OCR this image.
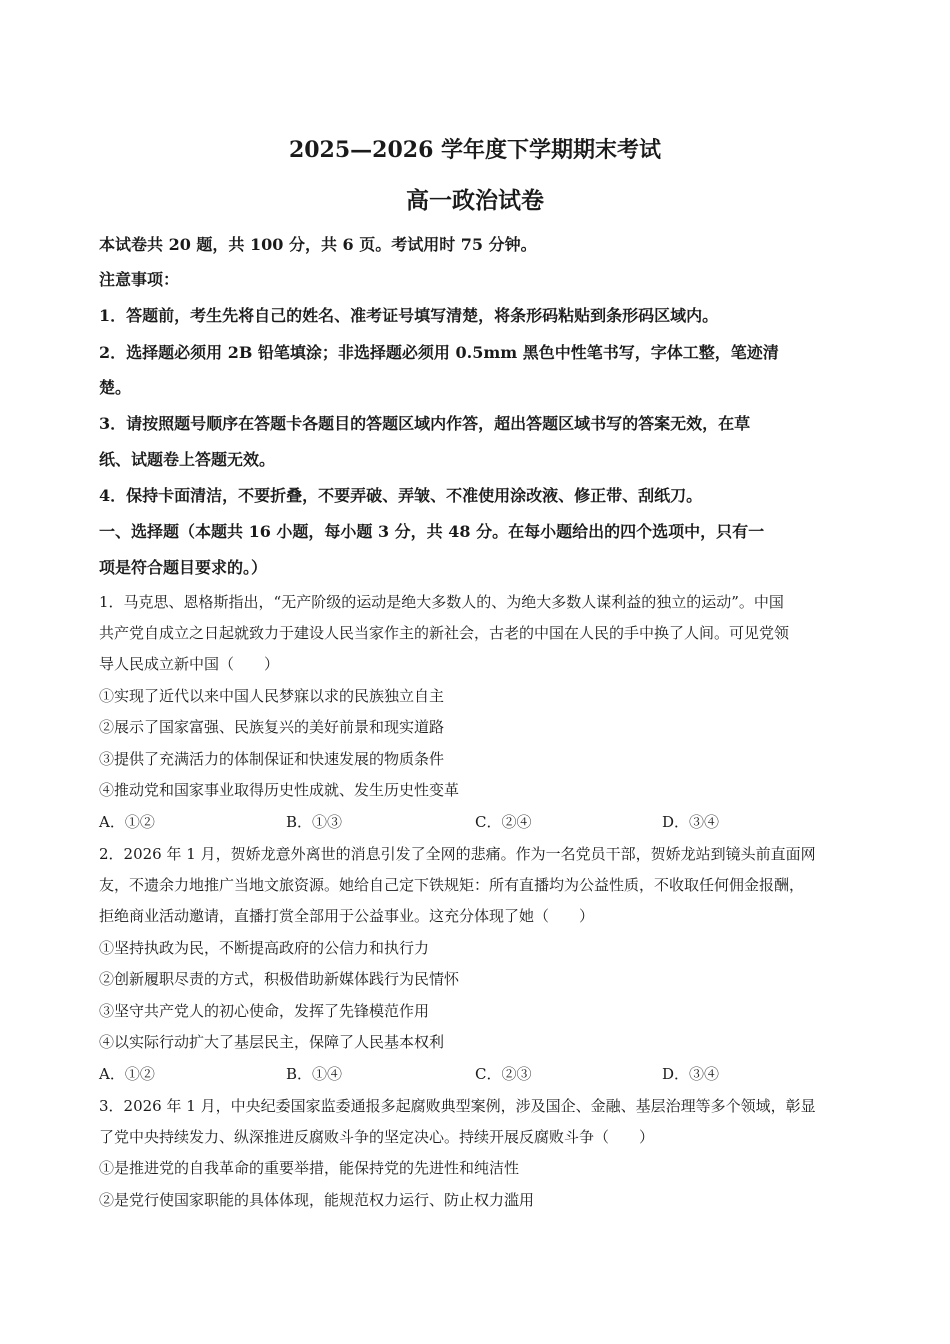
2025—2026 学年度下学期期末考试
高一政治试卷
本试卷共 20 题，共 100 分，共 6 页。考试用时 75 分钟。
注意事项：
1．答题前，考生先将自己的姓名、准考证号填写清楚，将条形码粘贴到条形码区域内。
2．选择题必须用 2B 铅笔填涂；非选择题必须用 0.5mm 黑色中性笔书写，字体工整，笔迹清
楚。
3．请按照题号顺序在答题卡各题目的答题区域内作答，超出答题区域书写的答案无效，在草
纸、试题卷上答题无效。
4．保持卡面清洁，不要折叠，不要弄破、弄皱、不准使用涂改液、修正带、刮纸刀。
一、选择题（本题共 16 小题，每小题 3 分，共 48 分。在每小题给出的四个选项中，只有一
项是符合题目要求的。）
1．马克思、恩格斯指出，“无产阶级的运动是绝大多数人的、为绝大多数人谋利益的独立的运动”。中国
共产党自成立之日起就致力于建设人民当家作主的新社会，古老的中国在人民的手中换了人间。可见党领
导人民成立新中国（　　）
①实现了近代以来中国人民梦寐以求的民族独立自主
②展示了国家富强、民族复兴的美好前景和现实道路
③提供了充满活力的体制保证和快速发展的物质条件
④推动党和国家事业取得历史性成就、发生历史性变革
A．①②	B．①③	C．②④	D．③④
2．2026 年 1 月，贺娇龙意外离世的消息引发了全网的悲痛。作为一名党员干部，贺娇龙站到镜头前直面网
友，不遗余力地推广当地文旅资源。她给自己定下铁规矩：所有直播均为公益性质，不收取任何佣金报酬，
拒绝商业活动邀请，直播打赏全部用于公益事业。这充分体现了她（　　）
①坚持执政为民，不断提高政府的公信力和执行力
②创新履职尽责的方式，积极借助新媒体践行为民情怀
③坚守共产党人的初心使命，发挥了先锋模范作用
④以实际行动扩大了基层民主，保障了人民基本权利
A．①②	B．①④	C．②③	D．③④
3．2026 年 1 月，中央纪委国家监委通报多起腐败典型案例，涉及国企、金融、基层治理等多个领域，彰显
了党中央持续发力、纵深推进反腐败斗争的坚定决心。持续开展反腐败斗争（　　）
①是推进党的自我革命的重要举措，能保持党的先进性和纯洁性
②是党行使国家职能的具体体现，能规范权力运行、防止权力滥用
